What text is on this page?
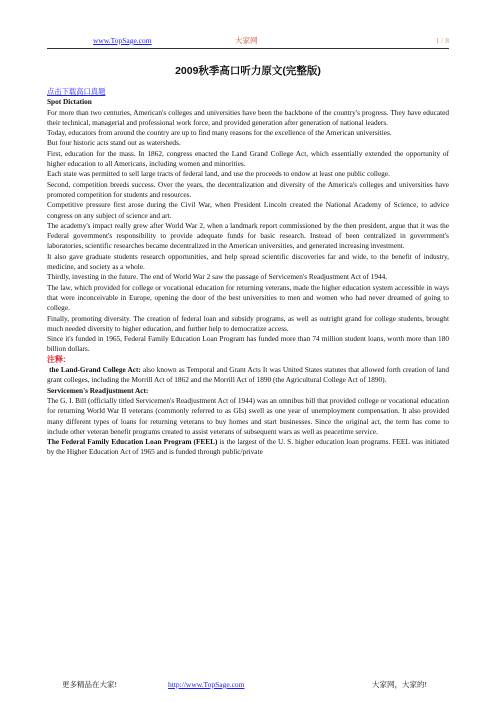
www.TopSage.com	大家网	1 / 8
2009秋季高口听力原文(完整版)

点击下载高口真题

Spot Dictation

For more than two centuries, American's colleges and universities have been the backbone of the country's progress. They have educated their technical, managerial and professional work force, and provided generation after generation of national leaders.

Today, educators from around the country are up to find many reasons for the excellence of the American universities.

But four historic acts stand out as watersheds.

First, education for the mass. In 1862, congress enacted the Land Grand College Act, which essentially extended the opportunity of higher education to all Americans, including women and minorities.

Each state was permitted to sell large tracts of federal land, and use the proceeds to endow at least one public college.

Second, competition breeds success. Over the years, the decentralization and diversity of the America's colleges and universities have promoted competition for students and resources.

Competitive pressure first arose during the Civil War, when President Lincoln created the National Academy of Science, to advice congress on any subject of science and art.

The academy's impact really grew after World War 2, when a landmark report commissioned by the then president, argue that it was the Federal government's responsibility to provide adequate funds for basic research. Instead of been centralized in government's laboratories, scientific researches became decentralized in the American universities, and generated increasing investment.

It also gave graduate students research opportunities, and help spread scientific discoveries far and wide, to the benefit of industry, medicine, and society as a whole.

Thirdly, investing in the future. The end of World War 2 saw the passage of Servicemen's Readjustment Act of 1944.

The law, which provided for college or vocational education for returning veterans, made the higher education system accessible in ways that were inconceivable in Europe, opening the door of the best universities to men and women who had never dreamed of going to college.

Finally, promoting diversity. The creation of federal loan and subsidy programs, as well as outright grand for college students, brought much needed diversity to higher education, and further help to democratize access.

Since it's funded in 1965, Federal Family Education Loan Program has funded more than 74 million student loans, worth more than 180 billion dollars.

注释:

the Land-Grand College Act: also known as Temporal and Grant Acts It was United States statutes that allowed forth creation of land grant colleges, including the Morrill Act of 1862 and the Morrill Act of 1890 (the Agricultural College Act of 1890).

Servicemen's Readjustment Act:

The G. I. Bill (officially titled Servicemen's Readjustment Act of 1944) was an omnibus bill that provided college or vocational education for returning World War II veterans (commonly referred to as GIs) swell as one year of unemployment compensation. It also provided many different types of loans for returning veterans to buy homes and start businesses. Since the original act, the term has come to include other veteran benefit programs created to assist veterans of subsequent wars as well as peacetime service.

The Federal Family Education Loan Program (FEEL) is the largest of the U. S. higher education loan programs. FEEL was initiated by the Higher Education Act of 1965 and is funded through public/private

更多精品在大家!	http://www.TopSage.com	大家网，大家的!
